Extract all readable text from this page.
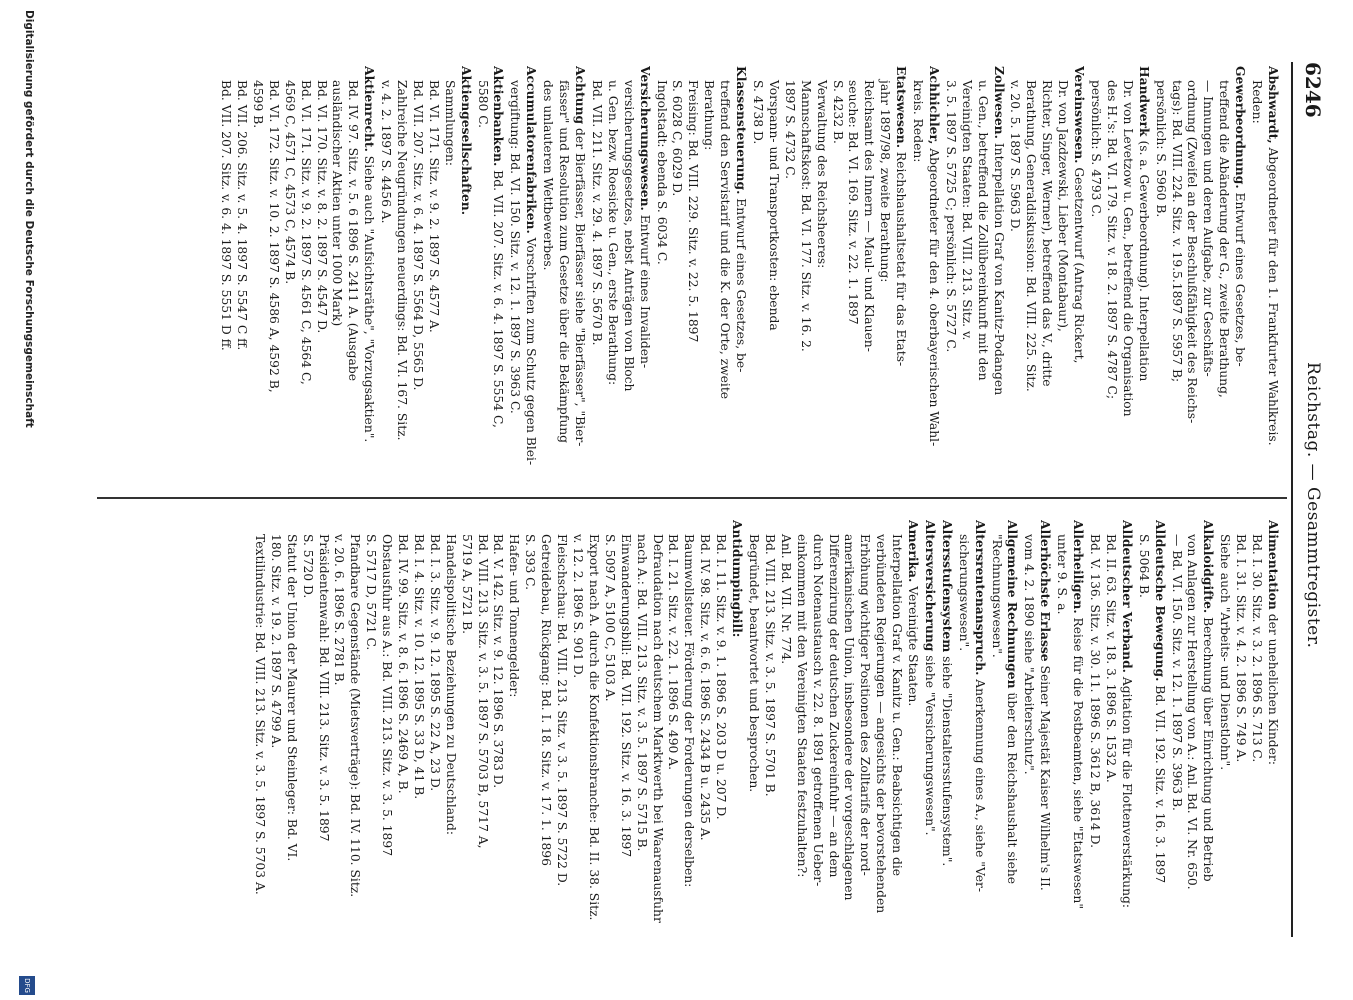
6246
Reichstag. — Gesammtregister.
Abshwardt, Abgeordneter für den 1. Frankfurter Wahlkreis.
Reden:
Gewerbeordnung. Entwurf eines Gesetzes, be-
treffend die Abänderung der G., zweite Berathung,
— Innungen und deren Aufgabe, zur Geschäfts-
ordnung (Zweifel an der Beschlußfähigkeit des Reichs-
tags): Bd. VIII. 224. Sitz. v. 19.5.1897 S. 5957 B;
persönlich: S. 5960 B.
Handwerk (s. a. Gewerbeordnung). Interpellation
Dr. von Levetzow u. Gen., betreffend die Organisation
des H.'s: Bd. VI. 179. Sitz. v. 18. 2. 1897 S. 4787 C;
persönlich: S. 4793 C.
Vereinswesen. Gesetzentwurf (Antrag Rickert,
Dr. von Jazdzewski, Lieber (Montabaur),
Richter, Singer, Werner), betreffend das V., dritte
Berathung, Generaldiskussion: Bd. VIII. 225. Sitz.
v. 20. 5. 1897 S. 5963 D.
Zollwesen. Interpellation Graf von Kanitz-Podangen
u. Gen., betreffend die Zollübereinkunft mit den
Vereinigten Staaten: Bd. VIII. 213. Sitz. v.
3. 5. 1897 S. 5725 C; persönlich: S. 5727 C.
Achhichler, Abgeordneter für den 4. oberbayerischen Wahl-
kreis. Reden:
Etatswesen. Reichshaushaltsetat für das Etats-
jahr 1897/98, zweite Berathung:
Reichsamt des Innern — Maul- und Klauen-
seuche: Bd. VI. 169. Sitz. v. 22. 1. 1897
S. 4232 B.
Verwaltung des Reichsheeres:
Mannschaftskost: Bd. VI. 177. Sitz. v. 16. 2.
1897 S. 4732 C.
Vorspann- und Transportkosten: ebenda
S. 4738 D.
Klassensteuerung. Entwurf eines Gesetzes, be-
treffend den Servistarif und die K. der Orte, zweite
Berathung:
Freising: Bd. VIII. 229. Sitz. v. 22. 5. 1897
S. 6028 C, 6029 D.
Ingolstadt: ebenda S. 6034 C.
Versicherungswesen. Entwurf eines Invaliden-
versicherungsgesetzes, nebst Anträgen von Bloch
u. Gen. bezw. Roesicke u. Gen., erste Berathung:
Bd. VII. 211. Sitz. v. 29. 4. 1897 S. 5670 B.
Achtung der Bierfässer, Bierfässer siehe "Bierfässer", "Bier-
fässer" und Resolution zum Gesetze über die Bekämpfung
des unlauteren Wettbewerbes.
Accumulatorenfabriken. Vorschriften zum Schutz gegen Blei-
vergiftung: Bd. VI. 150. Sitz. v. 12. 1. 1897 S. 3963 C.
Aktienbanken. Bd. VII. 207. Sitz. v. 6. 4. 1897 S. 5554 C,
5580 C.
Aktiengesellschaften.
Sammlungen:
Bd. VI. 171. Sitz. v. 9. 2. 1897 S. 4577 A.
Bd. VII. 207. Sitz. v. 6. 4. 1897 S. 5564 D, 5565 D.
Zahlreiche Neugründungen neuerdings: Bd. VI. 167. Sitz.
v. 4. 2. 1897 S. 4456 A.
Aktienrecht. Siehe auch "Aufsichtsräthe", "Vorzugsaktien".
Bd. IV. 97. Sitz. v. 5. 6 1896 S. 2411 A. (Ausgabe
ausländischer Aktien unter 1000 Mark)
Bd. VI. 170. Sitz. v. 8. 2. 1897 S. 4547 D.
Bd. VI. 171. Sitz. v. 9. 2. 1897 S. 4561 C, 4564 C,
4569 C, 4571 C, 4573 C, 4574 B.
Bd. VI. 172. Sitz. v. 10. 2. 1897 S. 4586 A, 4592 B,
4599 B.
Bd. VII. 206. Sitz. v. 5. 4. 1897 S. 5547 C ff.
Bd. VII. 207. Sitz. v. 6. 4. 1897 S. 5551 D ff.
Alimentation der unehelichen Kinder:
Bd. I. 30. Sitz. v. 3. 2. 1896 S. 713 C.
Bd. I. 31. Sitz. v. 4. 2. 1896 S. 749 A.
Siehe auch "Arbeits- und Dienstlohn".
Alkaloidgifte. Berechnung über Einrichtung und Betrieb
von Anlagen zur Herstellung von A.: Anl. Bd. VI. Nr. 650.
— Bd. VI. 150. Sitz. v. 12. 1. 1897 S. 3963 B.
Alldeutsche Bewegung. Bd. VII. 192. Sitz. v. 16. 3. 1897
S. 5064 B.
Alldeutscher Verband. Agitation für die Flottenverstärkung:
Bd. II. 63. Sitz. v. 18. 3. 1896 S. 1532 A.
Bd. V. 136. Sitz. v. 30. 11. 1896 S. 3612 B, 3614 D.
Allerheiligen. Reise für die Postbeamten, siehe "Etatswesen"
unter 9. S. a.
Allerhöchste Erlasse Seiner Majestät Kaiser Wilhelm's II.
vom 4. 2. 1890 siehe "Arbeiterschutz".
Allgemeine Rechnungen über den Reichshaushalt siehe
"Rechnungswesen".
Altersrentenanspruch. Anerkennung eines A., siehe "Ver-
sicherungswesen".
Altersstufensystem siehe "Dienstaltersstufensystem".
Altersversicherung siehe "Versicherungswesen".
Amerika. Vereinigte Staaten.
Interpellation Graf v. Kanitz u. Gen.: Beabsichtigen die
verbündeten Regierungen — angesichts der bevorstehenden
Erhöhung wichtiger Positionen des Zolltarifs der nord-
amerikanischen Union, insbesondere der vorgeschlagenen
Differenzirung der deutschen Zuckereinfuhr — an dem
durch Notenaustausch v. 22. 8. 1891 getroffenen Ueber-
einkommen mit den Vereinigten Staaten festzuhalten?:
Anl. Bd. VII. Nr. 774.
Bd. VIII. 213. Sitz. v. 3. 5. 1897 S. 5701 B.
Begründet, beantwortet und besprochen.
Antidumpingbill:
Bd. I. 11. Sitz. v. 9. 1. 1896 S. 203 D u. 207 D.
Bd. IV. 98. Sitz. v. 6. 6. 1896 S. 2434 B u. 2435 A.
Baumwollsteuer. Förderung der Forderungen derselben:
Bd. I. 21. Sitz. v. 22. 1. 1896 S. 490 A.
Defraudation nach deutschem Marktwerth bei Waarenausfuhr
nach A.: Bd. VIII. 213. Sitz. v. 3. 5. 1897 S. 5715 B.
Einwanderungsbill: Bd. VII. 192. Sitz. v. 16. 3. 1897
S. 5097 A, 5100 C, 5103 A.
Export nach A. durch die Konfektionsbranche: Bd. II. 38. Sitz.
v. 12. 2. 1896 S. 901 D.
Fleischschau: Bd. VIII. 213. Sitz. v. 3. 5. 1897 S. 5722 D.
Getreidebau, Rückgang: Bd. I. 18. Sitz. v. 17. 1. 1896
S. 393 C.
Hafen- und Tonnengelder:
Bd. V. 142. Sitz. v. 9. 12. 1896 S. 3783 D.
Bd. VIII. 213. Sitz. v. 3. 5. 1897 S. 5703 B, 5717 A,
5719 A, 5721 B.
Handelspolitische Beziehungen zu Deutschland:
Bd. I. 3. Sitz. v. 9. 12. 1895 S. 22 A, 23 D.
Bd. I. 4. Sitz. v. 10. 12. 1895 S. 33 D, 41 B.
Bd. IV. 99. Sitz. v. 8. 6. 1896 S. 2469 A, B.
Obstausfuhr aus A.: Bd. VIII. 213. Sitz. v. 3. 5. 1897
S. 5717 D, 5721 C.
Pfandbare Gegenstände (Mietsverträge): Bd. IV. 110. Sitz.
v. 20. 6. 1896 S. 2781 B.
Präsidentenwahl: Bd. VIII. 213. Sitz. v. 3. 5. 1897
S. 5720 D.
Statut der Union der Maurer und Steinleger: Bd. VI.
180. Sitz. v. 19. 2. 1897 S. 4799 A.
Textilindustrie: Bd. VIII. 213. Sitz. v. 3. 5. 1897 S. 5703 A.
Digitalisierung gefördert durch die Deutsche Forschungsgemeinschaft
DFG
